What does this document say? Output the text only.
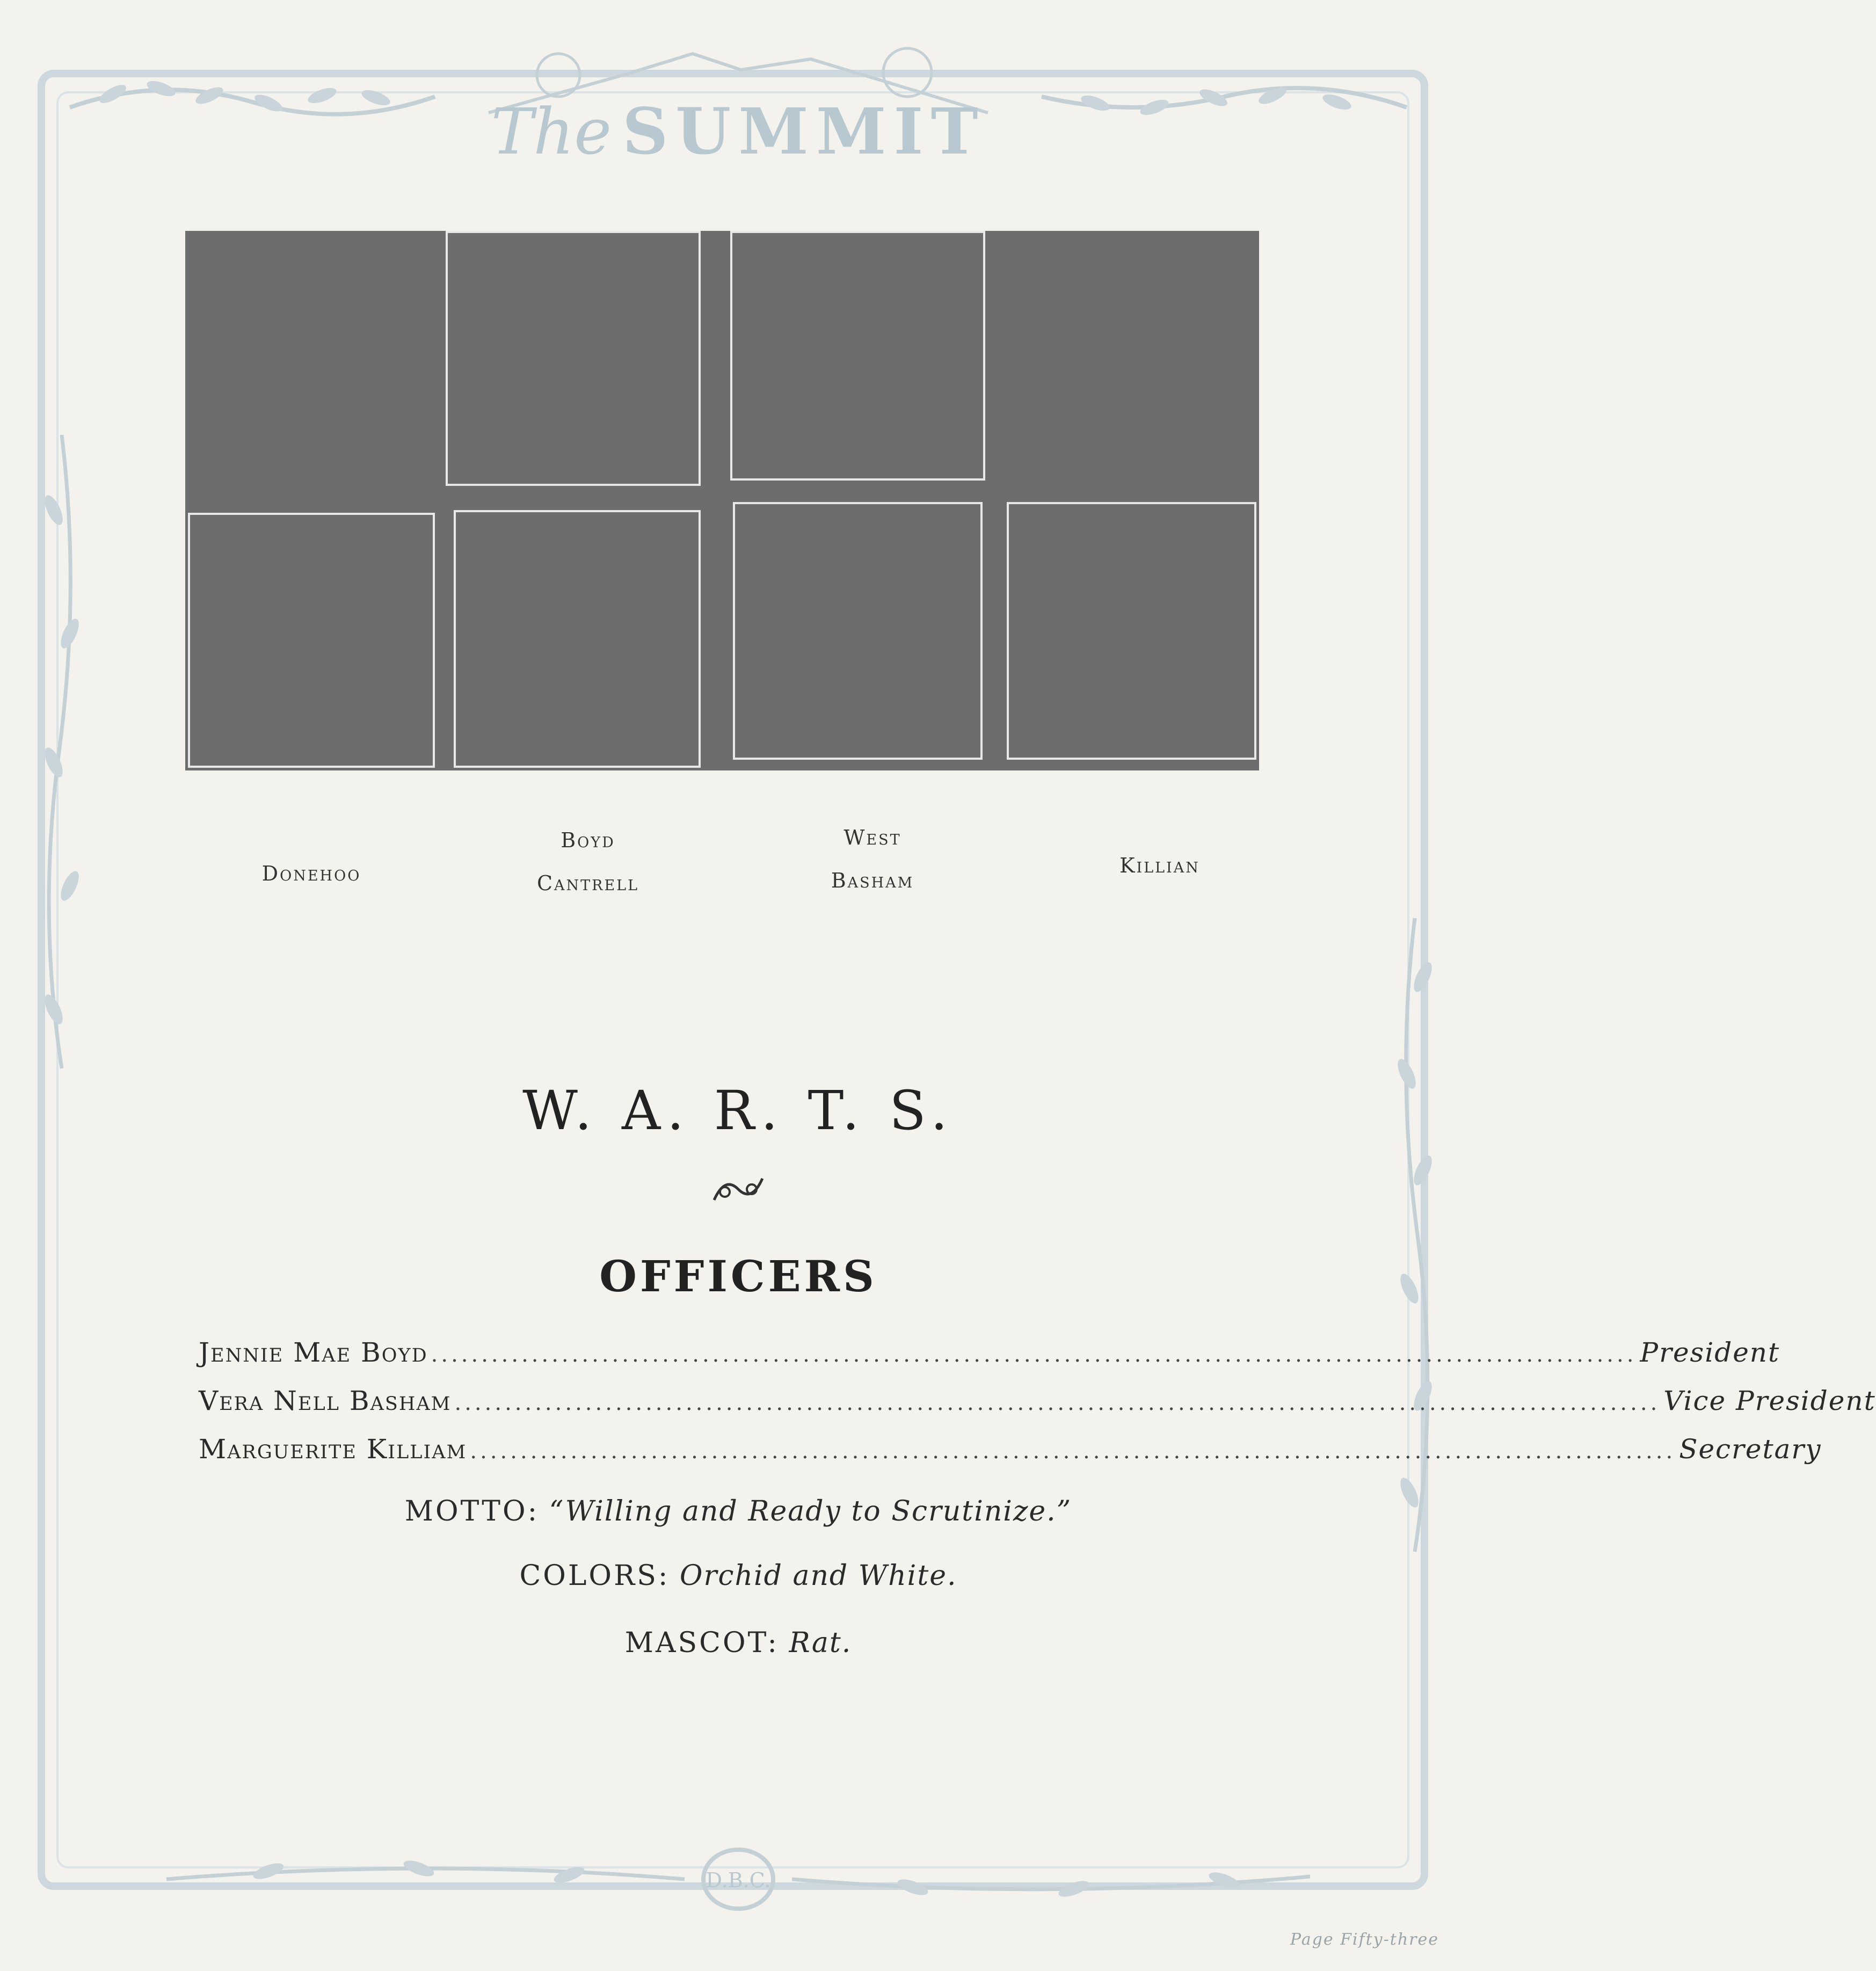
The SUMMIT
Donehoo
Boyd
Cantrell
West
Basham
Killian
W. A. R. T. S.
OFFICERS
Jennie Mae Boyd ........................................................................................................................ President
Vera Nell Basham ........................................................................................................................ Vice President
Marguerite Killiam ........................................................................................................................ Secretary
MOTTO: “Willing and Ready to Scrutinize.”
COLORS: Orchid and White.
MASCOT: Rat.
D.B.C.
Page Fifty-three
